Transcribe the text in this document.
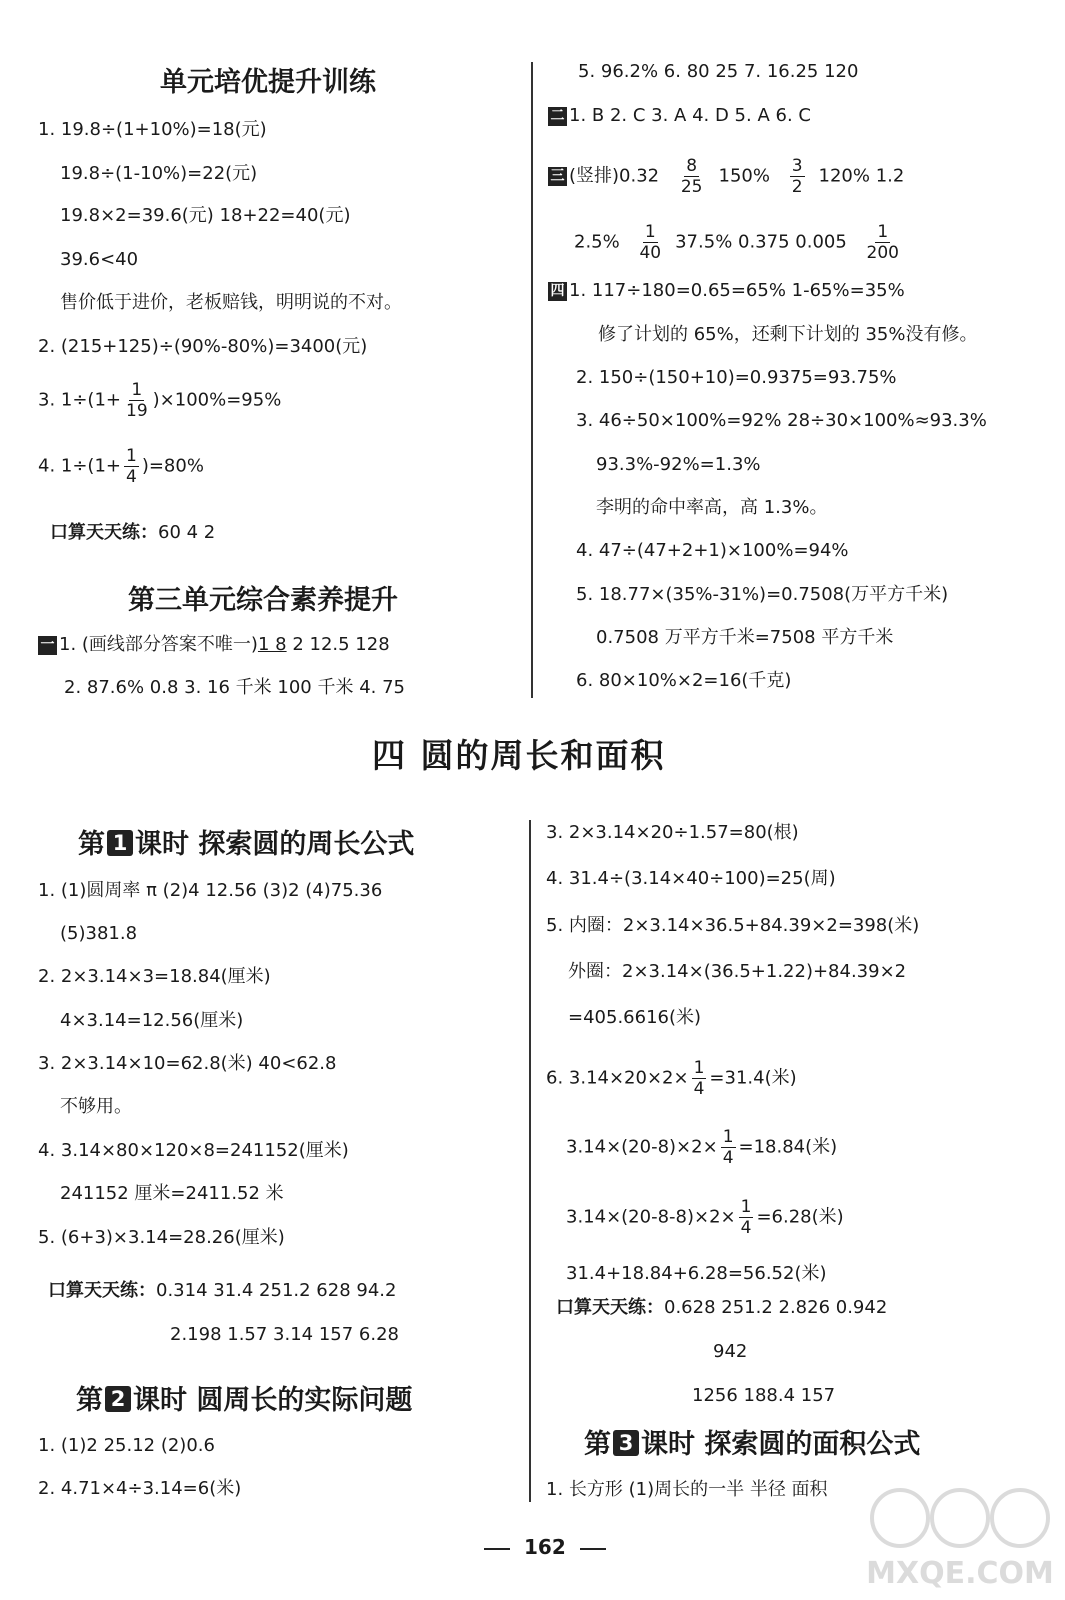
单元培优提升训练
1. 19.8÷(1+10%)=18(元)
19.8÷(1-10%)=22(元)
19.8×2=39.6(元) 18+22=40(元)
39.6<40
售价低于进价，老板赔钱，明明说的不对。
2. (215+125)÷(90%-80%)=3400(元)
3. $1\div(1+ \frac{1}{19} )\times 100\%=95\%$
4. $1\div(1+ \frac{1}{4} )=80\%$
口算天天练：60 4 2
第三单元综合素养提升
一 1. (画线部分答案不唯一)1 8 2 12.5 128
2. 87.6% 0.8 3. 16 千米 100 千米 4. 75
5. 96.2% 6. 80 25 7. 16.25 120
二 1. B 2. C 3. A 4. D 5. A 6. C
三 (竖排)$0.32 \frac{8}{25} 150\% \frac{3}{2} 120\%$ 1.2
$2.5\% \frac{1}{40} 37.5\%$ 0.375 $0.005 \frac{1}{200}$
四 1. 117÷180=0.65=65% 1-65%=35%
修了计划的 65%，还剩下计划的 35%没有修。
2. 150÷(150+10)=0.9375=93.75%
3. 46÷50×100%=92% 28÷30×100%≈93.3%
93.3%-92%=1.3%
李明的命中率高，高 1.3%。
4. 47÷(47+2+1)×100%=94%
5. 18.77×(35%-31%)=0.7508(万平方千米)
0.7508 万平方千米=7508 平方千米
6. 80×10%×2=16(千克)
四 圆的周长和面积
第 1 课时 探索圆的周长公式
1. (1)圆周率 π (2)4 12.56 (3)2 (4)75.36
(5)381.8
2. 2×3.14×3=18.84(厘米)
4×3.14=12.56(厘米)
3. 2×3.14×10=62.8(米) 40<62.8
不够用。
4. 3.14×80×120×8=241152(厘米)
241152 厘米=2411.52 米
5. (6+3)×3.14=28.26(厘米)
口算天天练：0.314 31.4 251.2 628 94.2
2.198 1.57 3.14 157 6.28
第 2 课时 圆周长的实际问题
1. (1)2 25.12 (2)0.6
2. 4.71×4÷3.14=6(米)
3. 2×3.14×20÷1.57=80(根)
4. 31.4÷(3.14×40÷100)=25(周)
5. 内圈：2×3.14×36.5+84.39×2=398(米)
外圈：2×3.14×(36.5+1.22)+84.39×2
=405.6616(米)
6. $3.14\times 20\times 2\times \frac{1}{4} =31.4$(米)
$3.14\times(20-8)\times 2\times \frac{1}{4} =18.84$(米)
$3.14\times(20-8-8)\times 2\times \frac{1}{4} =6.28$(米)
31.4+18.84+6.28=56.52(米)
口算天天练：0.628 251.2 2.826 0.942
942
1256 188.4 157
第 3 课时 探索圆的面积公式
1. 长方形 (1)周长的一半 半径 面积
162
MXQE.COM
